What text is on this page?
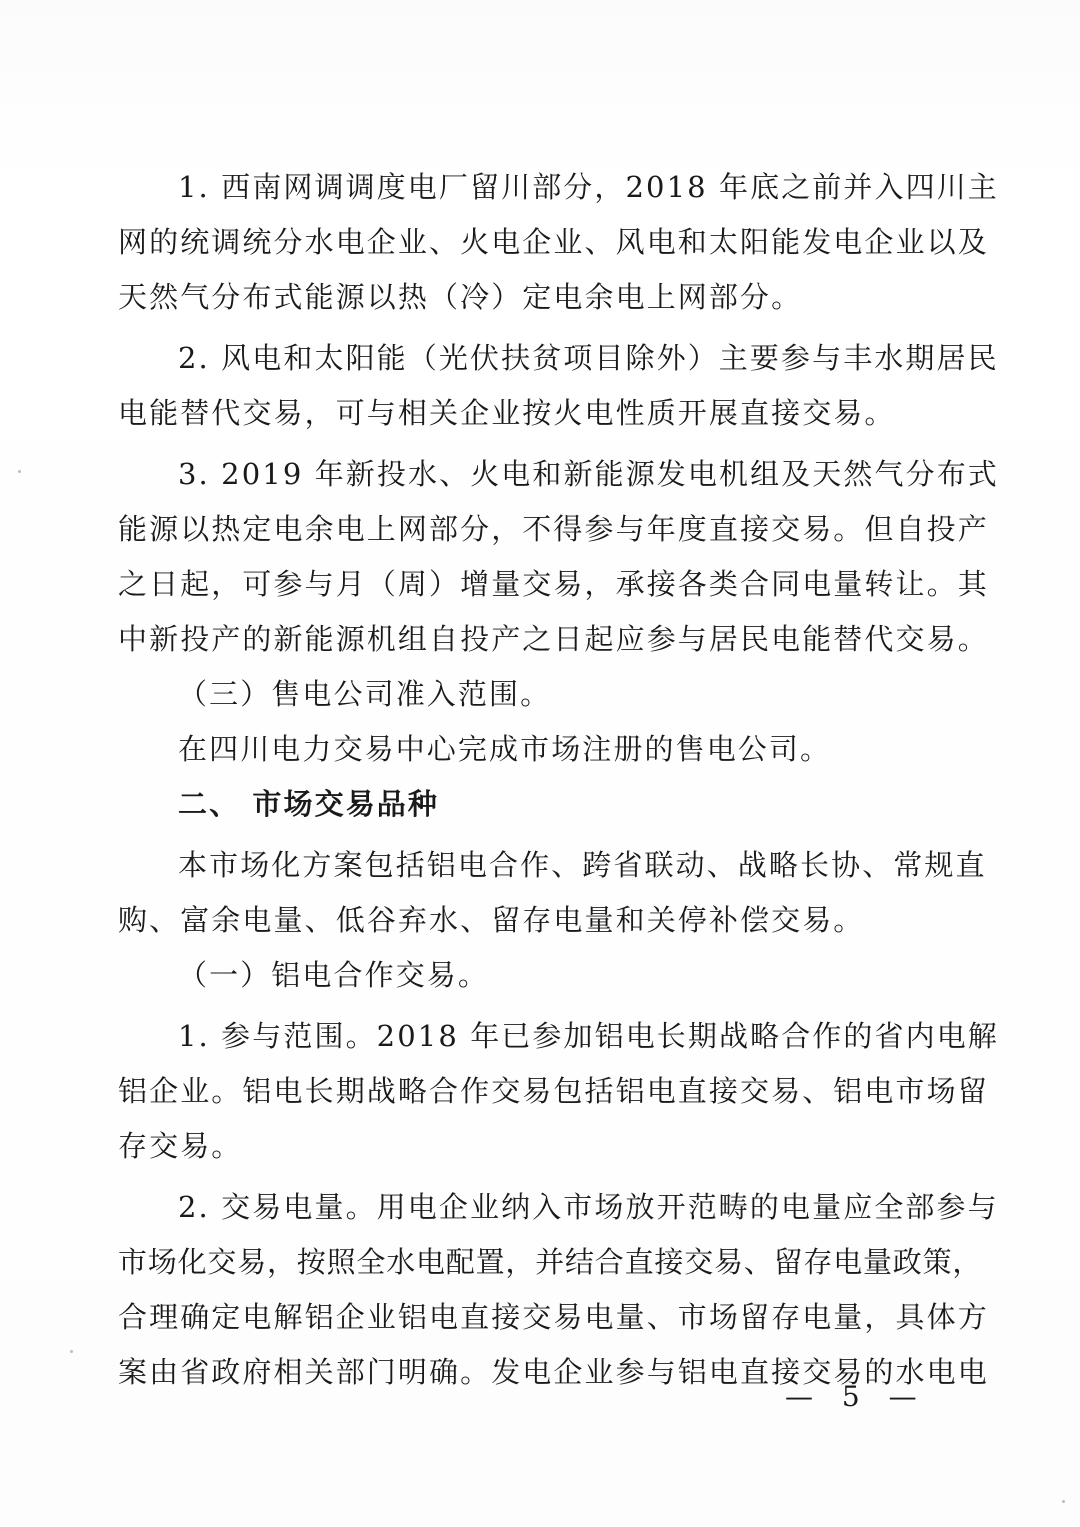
1. 西南网调调度电厂留川部分，2018 年底之前并入四川主
网的统调统分水电企业、火电企业、风电和太阳能发电企业以及
天然气分布式能源以热（冷）定电余电上网部分。
2. 风电和太阳能（光伏扶贫项目除外）主要参与丰水期居民
电能替代交易，可与相关企业按火电性质开展直接交易。
3. 2019 年新投水、火电和新能源发电机组及天然气分布式
能源以热定电余电上网部分，不得参与年度直接交易。但自投产
之日起，可参与月（周）增量交易，承接各类合同电量转让。其
中新投产的新能源机组自投产之日起应参与居民电能替代交易。
（三）售电公司准入范围。
在四川电力交易中心完成市场注册的售电公司。
二、 市场交易品种
本市场化方案包括铝电合作、跨省联动、战略长协、常规直
购、富余电量、低谷弃水、留存电量和关停补偿交易。
（一）铝电合作交易。
1. 参与范围。2018 年已参加铝电长期战略合作的省内电解
铝企业。铝电长期战略合作交易包括铝电直接交易、铝电市场留
存交易。
2. 交易电量。用电企业纳入市场放开范畴的电量应全部参与
市场化交易，按照全水电配置，并结合直接交易、留存电量政策，
合理确定电解铝企业铝电直接交易电量、市场留存电量，具体方
案由省政府相关部门明确。发电企业参与铝电直接交易的水电电
— 5 —
